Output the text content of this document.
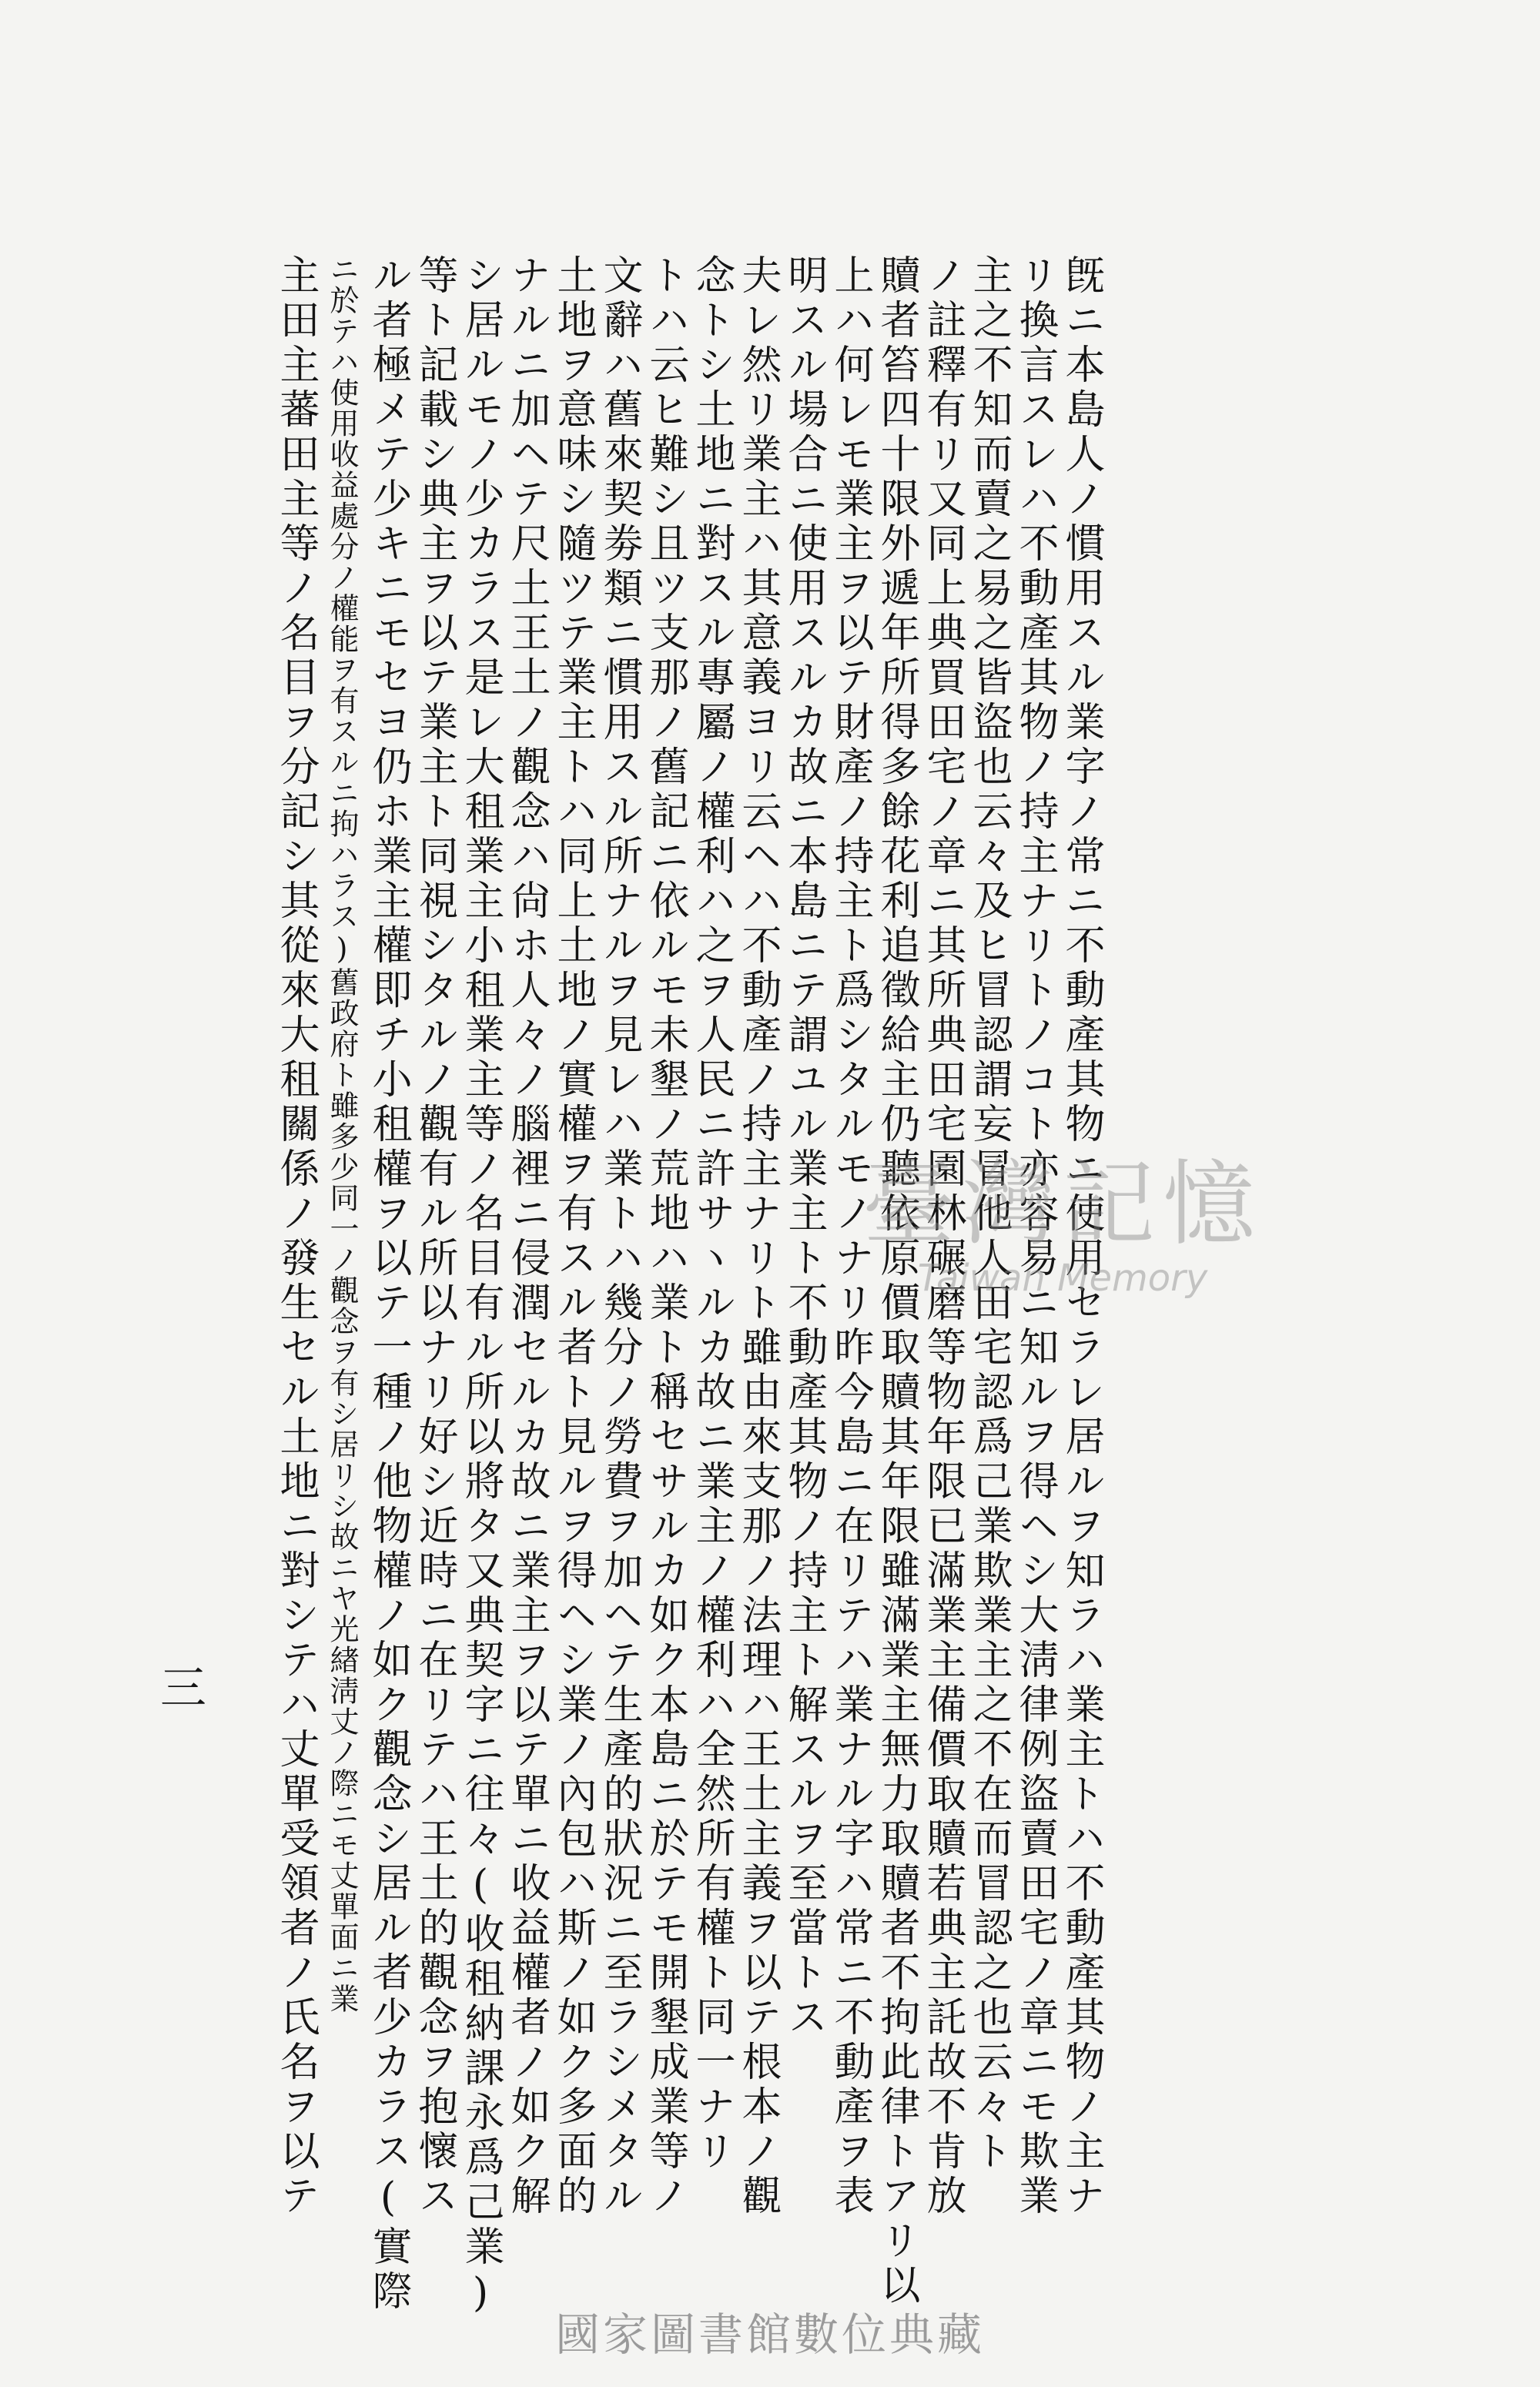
旣ニ本島人ノ慣用スル業字ノ常ニ不動產其物ニ使用セラレ居ルヲ知ラハ業主トハ不動產其物ノ主ナ
リ換言スレハ不動產其物ノ持主ナリトノコト亦容易ニ知ルヲ得ヘシ大淸律例盜賣田宅ノ章ニモ欺業
主之不知而賣之易之皆盜也云々及ヒ冒認謂妄冒他人田宅認爲己業欺業主之不在而冒認之也云々ト
ノ註釋有リ又同上典買田宅ノ章ニ其所典田宅園林碾磨等物年限已滿業主備價取贖若典主託故不肯放
贖者笞四十限外遞年所得多餘花利追徵給主仍聽依原價取贖其年限雖滿業主無力取贖者不拘此律トアリ以
上ハ何レモ業主ヲ以テ財產ノ持主ト爲シタルモノナリ昨今島ニ在リテハ業ナル字ハ常ニ不動產ヲ表
明スル場合ニ使用スルカ故ニ本島ニテ謂ユル業主ト不動產其物ノ持主ト解スルヲ至當トス
夫レ然リ業主ハ其意義ヨリ云ヘハ不動產ノ持主ナリト雖由來支那ノ法理ハ王土主義ヲ以テ根本ノ觀
念トシ土地ニ對スル專屬ノ權利ハ之ヲ人民ニ許サヽルカ故ニ業主ノ權利ハ全然所有權ト同一ナリ
トハ云ヒ難シ且ツ支那ノ舊記ニ依ルモ未墾ノ荒地ハ業ト稱セサルカ如ク本島ニ於テモ開墾成業等ノ
文辭ハ舊來契劵類ニ慣用スル所ナルヲ見レハ業トハ幾分ノ勞費ヲ加ヘテ生產的狀況ニ至ラシメタル
土地ヲ意味シ隨ツテ業主トハ同上土地ノ實權ヲ有スル者ト見ルヲ得ヘシ業ノ內包ハ斯ノ如ク多面的
ナルニ加ヘテ尺土王土ノ觀念ハ尙ホ人々ノ腦裡ニ侵潤セルカ故ニ業主ヲ以テ單ニ收益權者ノ如ク解
シ居ルモノ少カラス是レ大租業主小租業主等ノ名目有ル所以將タ又典契字ニ往々(收租納課永爲己業)
等ト記載シ典主ヲ以テ業主ト同視シタルノ觀有ル所以ナリ好シ近時ニ在リテハ王土的觀念ヲ抱懷ス
ル者極メテ少キニモセヨ仍ホ業主權即チ小租權ヲ以テ一種ノ他物權ノ如ク觀念シ居ル者少カラス(實際
ニ於テハ使用收益處分ノ權能ヲ有スルニ拘ハラス)舊政府ト雖多少同一ノ觀念ヲ有シ居リシ故ニヤ光緖淸丈ノ際ニモ丈單面ニ業
主田主蕃田主等ノ名目ヲ分記シ其從來大租關係ノ發生セル土地ニ對シテハ丈單受領者ノ氏名ヲ以テ
三
臺灣記憶
Taiwan Memory
國家圖書館數位典藏
